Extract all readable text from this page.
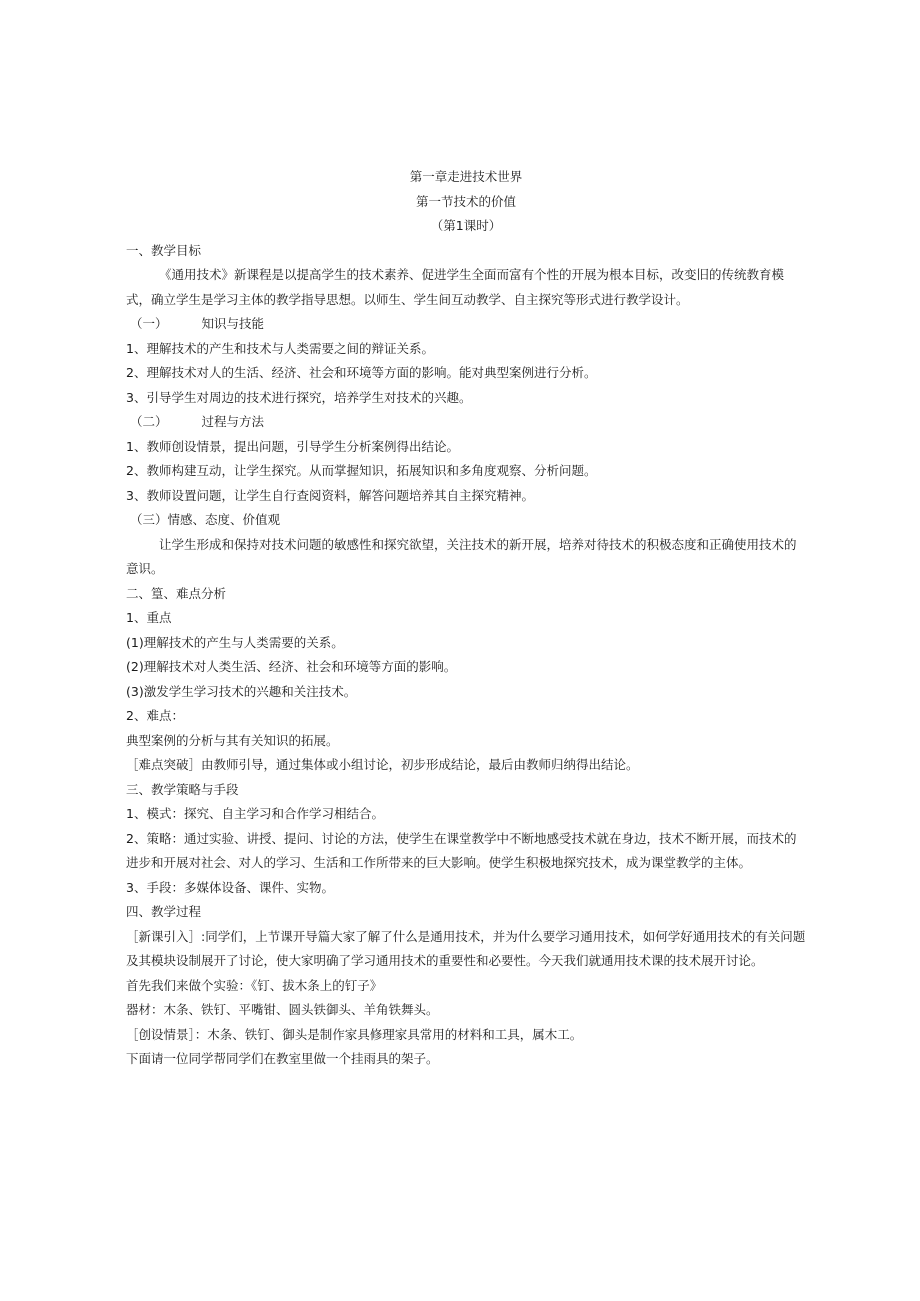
第一章走进技术世界
第一节技术的价值
（第1课时）
一、教学目标
《通用技术》新课程是以提高学生的技术素养、促进学生全面而富有个性的开展为根本目标，改变旧的传统教育模式，确立学生是学习主体的教学指导思想。以师生、学生间互动教学、自主探究等形式进行教学设计。
（一）	知识与技能
1、理解技术的产生和技术与人类需要之间的辩证关系。
2、理解技术对人的生活、经济、社会和环境等方面的影响。能对典型案例进行分析。
3、引导学生对周边的技术进行探究，培养学生对技术的兴趣。
（二）	过程与方法
1、教师创设情景，提出问题，引导学生分析案例得出结论。
2、教师构建互动，让学生探究。从而掌握知识，拓展知识和多角度观察、分析问题。
3、教师设置问题，让学生自行查阅资料，解答问题培养其自主探究精神。
（三）情感、态度、价值观
让学生形成和保持对技术问题的敏感性和探究欲望，关注技术的新开展，培养对待技术的积极态度和正确使用技术的意识。
二、篁、难点分析
1、重点
(1)理解技术的产生与人类需要的关系。
(2)理解技术对人类生活、经济、社会和环境等方面的影响。
(3)激发学生学习技术的兴趣和关注技术。
2、难点：
典型案例的分析与其有关知识的拓展。
［难点突破］由教师引导，通过集体或小组讨论，初步形成结论，最后由教师归纳得出结论。
三、教学策略与手段
1、模式：探究、自主学习和合作学习相结合。
2、策略：通过实验、讲授、提问、讨论的方法，使学生在课堂教学中不断地感受技术就在身边，技术不断开展，而技术的进步和开展对社会、对人的学习、生活和工作所带来的巨大影响。使学生积极地探究技术，成为课堂教学的主体。
3、手段：多媒体设备、课件、实物。
四、教学过程
［新课引入］:同学们，上节课开导篇大家了解了什么是通用技术，并为什么要学习通用技术，如何学好通用技术的有关问题及其模块设制展开了讨论，使大家明确了学习通用技术的重要性和必要性。今天我们就通用技术课的技术展开讨论。
首先我们来做个实验：《钉、拔木条上的钉子》
器材：木条、铁钉、平嘴钳、圆头铁御头、羊角铁舞头。
［创设情景］：木条、铁钉、御头是制作家具修理家具常用的材料和工具，属木工。
下面请一位同学帮同学们在教室里做一个挂雨具的架子。
